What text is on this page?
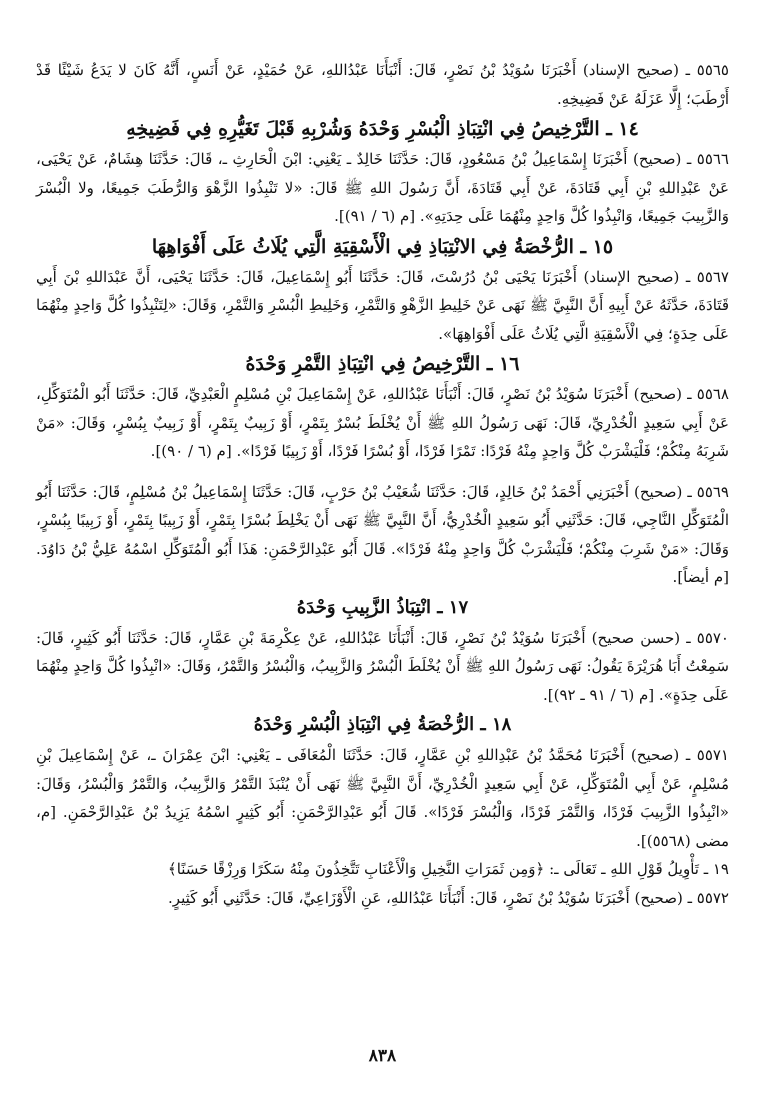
٥٥٦٥ ـ (صحيح الإسناد) أَخْبَرَنَا سُوَيْدُ بْنُ نَصْرٍ، قَالَ: أَنْبَأَنَا عَبْدُاللهِ، عَنْ حُمَيْدٍ، عَنْ أَنَسٍ، أَنَّهُ كَانَ لا يَدَعُ شَيْئًا قَدْ أَرْطَبَ؛ إِلَّا عَزَلَهُ عَنْ فَضِيخِهِ.

١٤ ـ التَّرْخِيصُ فِي انْتِبَاذِ الْبُسْرِ وَحْدَهُ وَشُرْبِهِ قَبْلَ تَغَيُّرِهِ فِي فَضِيخِهِ

٥٥٦٦ ـ (صحيح) أَخْبَرَنَا إِسْمَاعِيلُ بْنُ مَسْعُودٍ، قَالَ: حَدَّثَنَا خَالِدٌ ـ يَعْنِي: ابْنَ الْحَارِثِ ـ، قَالَ: حَدَّثَنَا هِشَامٌ، عَنْ يَحْيَى، عَنْ عَبْدِاللهِ بْنِ أَبِي قَتَادَةَ، عَنْ أَبِي قَتَادَةَ، أَنَّ رَسُولَ اللهِ ﷺ قَالَ: «لا تَنْبِذُوا الزَّهْوَ وَالرُّطَبَ جَمِيعًا، ولا الْبُسْرَ وَالزَّبِيبَ جَمِيعًا، وَانْبِذُوا كُلَّ وَاحِدٍ مِنْهُمَا عَلَى حِدَتِهِ». [م (٦ / ٩١)].

١٥ ـ الرُّخْصَةُ فِي الانْتِبَاذِ فِي الْأَسْقِيَةِ الَّتِي يُلَاثُ عَلَى أَفْوَاهِهَا

٥٥٦٧ ـ (صحيح الإسناد) أَخْبَرَنَا يَحْيَى بْنُ دُرُسْتَ، قَالَ: حَدَّثَنَا أَبُو إِسْمَاعِيلَ، قَالَ: حَدَّثَنَا يَحْيَى، أَنَّ عَبْدَاللهِ بْنَ أَبِي قَتَادَةَ، حَدَّثَهُ عَنْ أَبِيهِ أَنَّ النَّبِيَّ ﷺ نَهَى عَنْ خَلِيطِ الزَّهْوِ وَالتَّمْرِ، وَخَلِيطِ الْبُسْرِ وَالتَّمْرِ، وَقَالَ: «لِتَنْبِذُوا كُلَّ وَاحِدٍ مِنْهُمَا عَلَى حِدَةٍ؛ فِي الْأَسْقِيَةِ الَّتِي يُلَاثُ عَلَى أَفْوَاهِهَا».

١٦ ـ التَّرْخِيصُ فِي انْتِبَاذِ التَّمْرِ وَحْدَهُ

٥٥٦٨ ـ (صحيح) أَخْبَرَنَا سُوَيْدُ بْنُ نَصْرٍ، قَالَ: أَنْبَأَنَا عَبْدُاللهِ، عَنْ إِسْمَاعِيلَ بْنِ مُسْلِمٍ الْعَبْدِيِّ، قَالَ: حَدَّثَنَا أَبُو الْمُتَوَكِّلِ، عَنْ أَبِي سَعِيدٍ الْخُدْرِيِّ، قَالَ: نَهَى رَسُولُ اللهِ ﷺ أَنْ يُخْلَطَ بُسْرٌ بِتَمْرٍ، أَوْ زَبِيبٌ بِتَمْرٍ، أَوْ زَبِيبٌ بِبُسْرٍ، وَقَالَ: «مَنْ شَرِبَهُ مِنْكُمْ؛ فَلْيَشْرَبْ كُلَّ وَاحِدٍ مِنْهُ فَرْدًا: تَمْرًا فَرْدًا، أَوْ بُسْرًا فَرْدًا، أَوْ زَبِيبًا فَرْدًا». [م (٦ / ٩٠)].

٥٥٦٩ ـ (صحيح) أَخْبَرَنِي أَحْمَدُ بْنُ خَالِدٍ، قَالَ: حَدَّثَنَا شُعَيْبُ بْنُ حَرْبٍ، قَالَ: حَدَّثَنَا إِسْمَاعِيلُ بْنُ مُسْلِمٍ، قَالَ: حَدَّثَنَا أَبُو الْمُتَوَكِّلِ النَّاجِي، قَالَ: حَدَّثَنِي أَبُو سَعِيدٍ الْخُدْرِيُّ، أَنَّ النَّبِيَّ ﷺ نَهَى أَنْ يَخْلِطَ بُسْرًا بِتَمْرٍ، أَوْ زَبِيبًا بِتَمْرٍ، أَوْ زَبِيبًا بِبُسْرٍ، وَقَالَ: «مَنْ شَرِبَ مِنْكُمْ؛ فَلْيَشْرَبْ كُلَّ وَاحِدٍ مِنْهُ فَرْدًا». قَالَ أَبُو عَبْدِالرَّحْمَنِ: هَذَا أَبُو الْمُتَوَكِّلِ اسْمُهُ عَلِيُّ بْنُ دَاوُدَ. [م أيضاً].

١٧ ـ انْتِبَاذُ الزَّبِيبِ وَحْدَهُ

٥٥٧٠ ـ (حسن صحيح) أَخْبَرَنَا سُوَيْدُ بْنُ نَصْرٍ، قَالَ: أَنْبَأَنَا عَبْدُاللهِ، عَنْ عِكْرِمَةَ بْنِ عَمَّارٍ، قَالَ: حَدَّثَنَا أَبُو كَثِيرٍ، قَالَ: سَمِعْتُ أَبَا هُرَيْرَةَ يَقُولُ: نَهَى رَسُولُ اللهِ ﷺ أَنْ يُخْلَطَ الْبُسْرُ وَالزَّبِيبُ، وَالْبُسْرُ وَالتَّمْرُ، وَقَالَ: «انْبِذُوا كُلَّ وَاحِدٍ مِنْهُمَا عَلَى حِدَةٍ». [م (٦ / ٩١ ـ ٩٢)].

١٨ ـ الرُّخْصَةُ فِي انْتِبَاذِ الْبُسْرِ وَحْدَهُ

٥٥٧١ ـ (صحيح) أَخْبَرَنَا مُحَمَّدُ بْنُ عَبْدِاللهِ بْنِ عَمَّارٍ، قَالَ: حَدَّثَنَا الْمُعَافَى ـ يَعْنِي: ابْنَ عِمْرَانَ ـ، عَنْ إِسْمَاعِيلَ بْنِ مُسْلِمٍ، عَنْ أَبِي الْمُتَوَكِّلِ، عَنْ أَبِي سَعِيدٍ الْخُدْرِيِّ، أَنَّ النَّبِيَّ ﷺ نَهَى أَنْ يُنْبَذَ التَّمْرُ وَالزَّبِيبُ، وَالتَّمْرُ وَالْبُسْرُ، وَقَالَ: «انْبِذُوا الزَّبِيبَ فَرْدًا، وَالتَّمْرَ فَرْدًا، وَالْبُسْرَ فَرْدًا». قَالَ أَبُو عَبْدِالرَّحْمَنِ: أَبُو كَثِيرٍ اسْمُهُ يَزِيدُ بْنُ عَبْدِالرَّحْمَنِ. [م، مضى (٥٥٦٨)].

١٩ ـ تَأْوِيلُ قَوْلِ اللهِ ـ تَعَالَى ـ: ﴿وَمِن ثَمَرَاتِ النَّخِيلِ وَالْأَعْنَابِ تَتَّخِذُونَ مِنْهُ سَكَرًا وَرِزْقًا حَسَنًا﴾

٥٥٧٢ ـ (صحيح) أَخْبَرَنَا سُوَيْدُ بْنُ نَصْرٍ، قَالَ: أَنْبَأَنَا عَبْدُاللهِ، عَنِ الْأَوْزَاعِيِّ، قَالَ: حَدَّثَنِي أَبُو كَثِيرٍ.

٨٣٨
